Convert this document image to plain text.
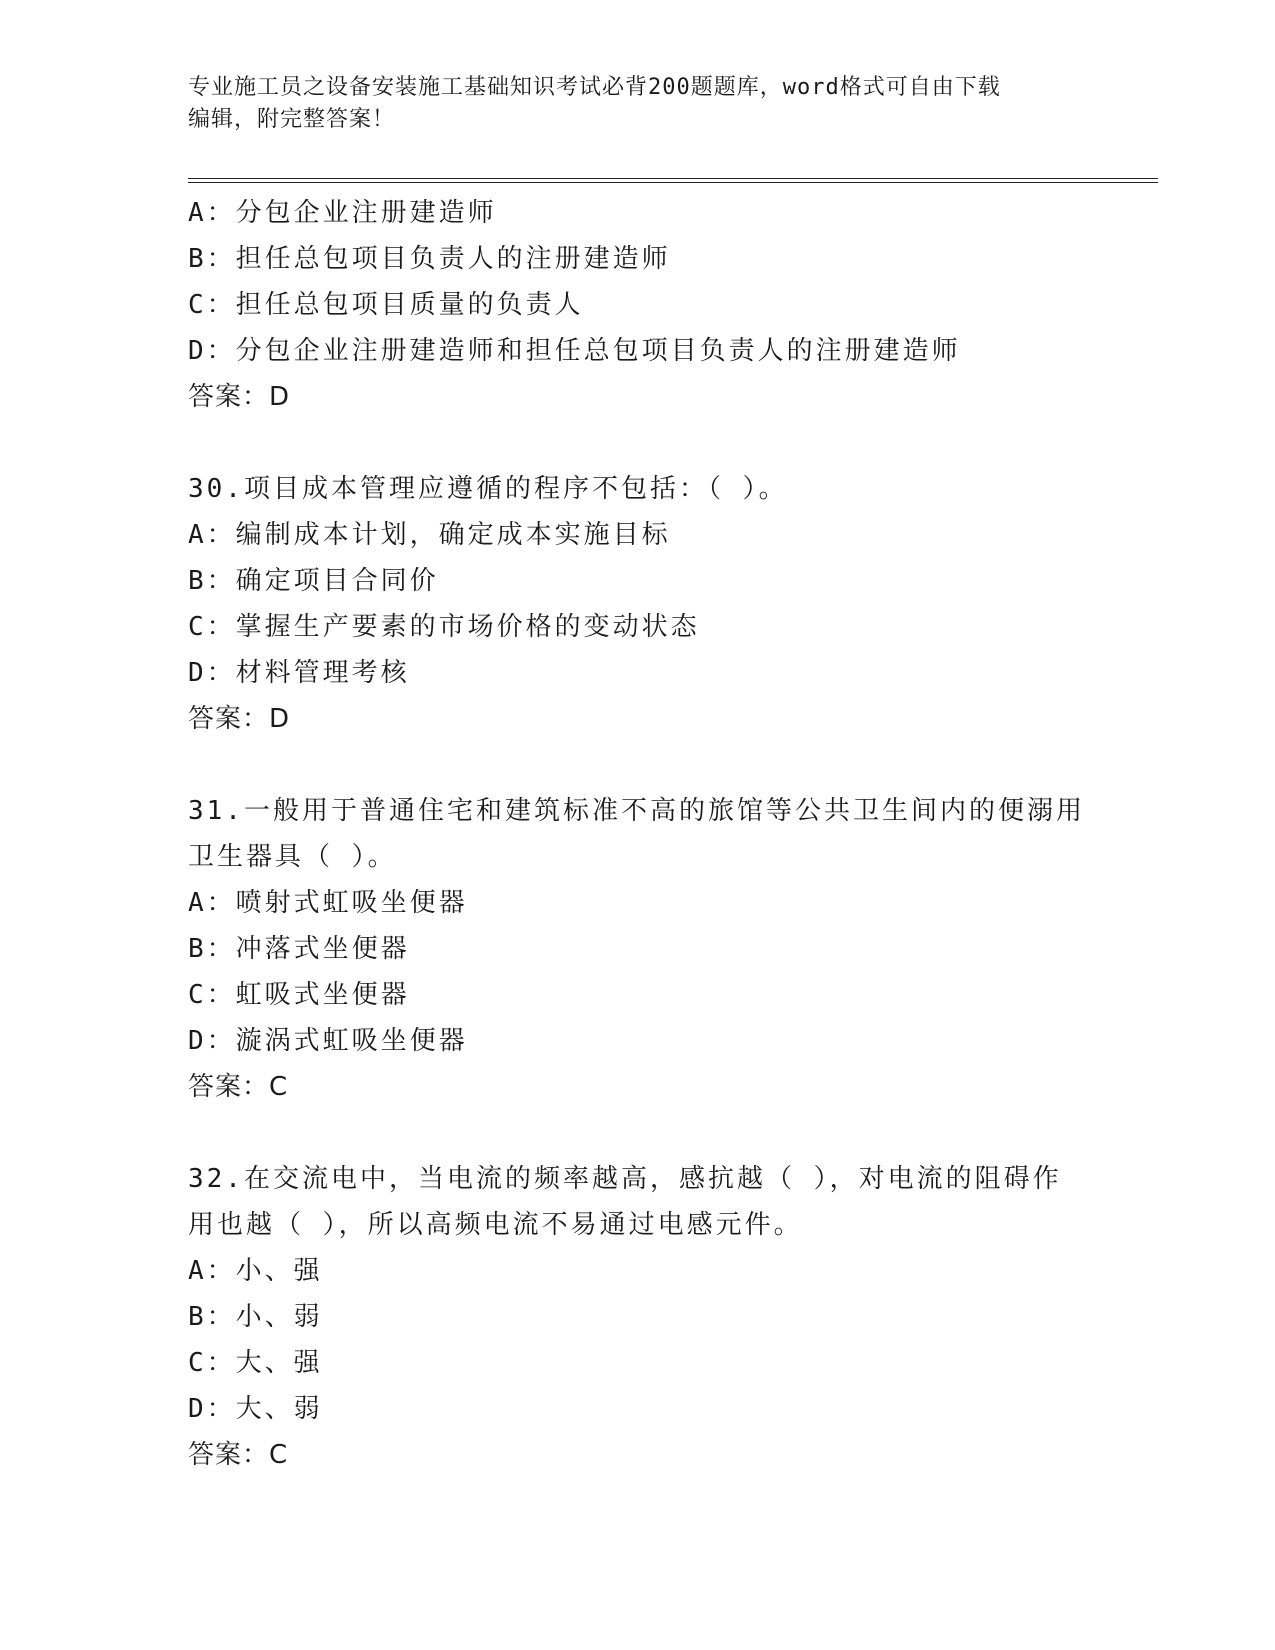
专业施工员之设备安装施工基础知识考试必背200题题库，word格式可自由下载
编辑，附完整答案！
A：分包企业注册建造师
B：担任总包项目负责人的注册建造师
C：担任总包项目质量的负责人
D：分包企业注册建造师和担任总包项目负责人的注册建造师
答案：D
30.项目成本管理应遵循的程序不包括：（ ）。
A：编制成本计划，确定成本实施目标
B：确定项目合同价
C：掌握生产要素的市场价格的变动状态
D：材料管理考核
答案：D
31.一般用于普通住宅和建筑标准不高的旅馆等公共卫生间内的便溺用
卫生器具（ ）。
A：喷射式虹吸坐便器
B：冲落式坐便器
C：虹吸式坐便器
D：漩涡式虹吸坐便器
答案：C
32.在交流电中，当电流的频率越高，感抗越（ ），对电流的阻碍作
用也越（ ），所以高频电流不易通过电感元件。
A：小、强
B：小、弱
C：大、强
D：大、弱
答案：C
